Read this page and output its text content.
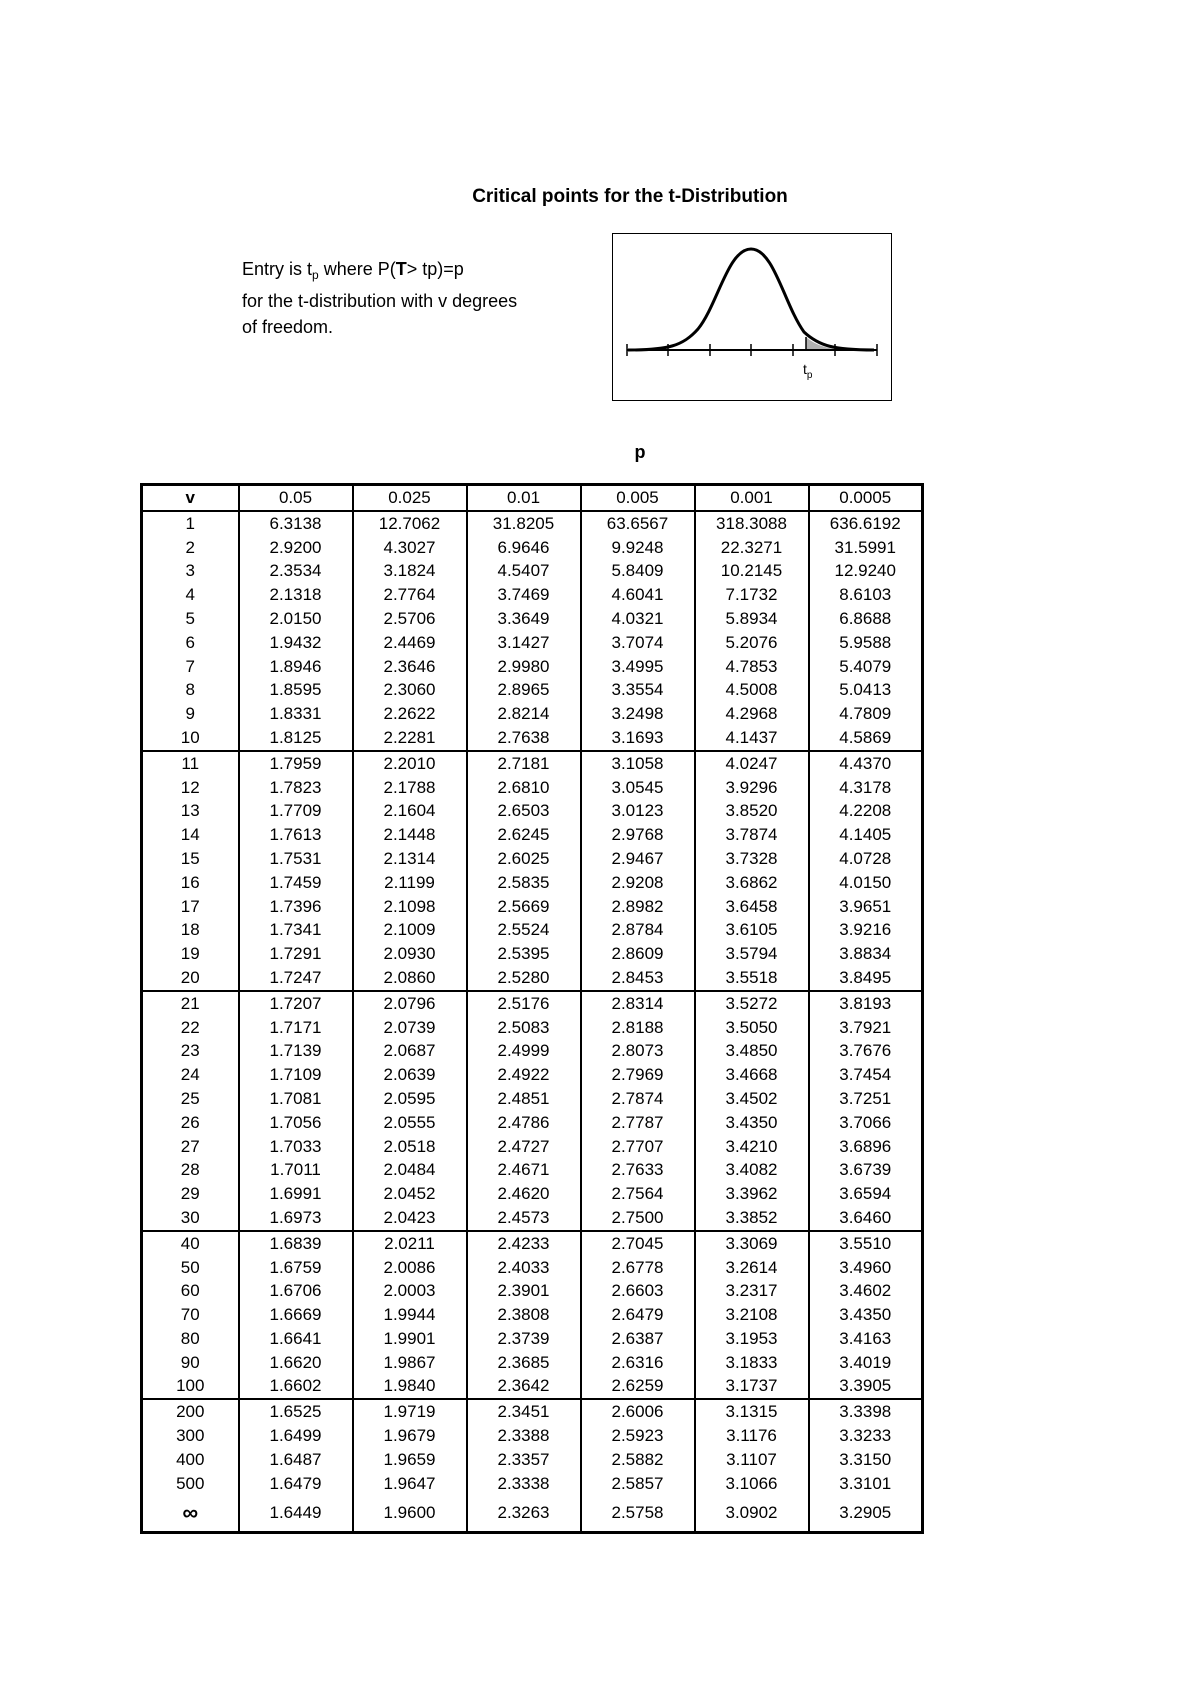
Critical points for the t-Distribution
Entry is $t_p$ where P(T> tp)=p
for the t-distribution with v degrees
of freedom.
$t_p$
p
v	0.05	0.025	0.01	0.005	0.001	0.0005
1	6.3138	12.7062	31.8205	63.6567	318.3088	636.6192
2	2.9200	4.3027	6.9646	9.9248	22.3271	31.5991
3	2.3534	3.1824	4.5407	5.8409	10.2145	12.9240
4	2.1318	2.7764	3.7469	4.6041	7.1732	8.6103
5	2.0150	2.5706	3.3649	4.0321	5.8934	6.8688
6	1.9432	2.4469	3.1427	3.7074	5.2076	5.9588
7	1.8946	2.3646	2.9980	3.4995	4.7853	5.4079
8	1.8595	2.3060	2.8965	3.3554	4.5008	5.0413
9	1.8331	2.2622	2.8214	3.2498	4.2968	4.7809
10	1.8125	2.2281	2.7638	3.1693	4.1437	4.5869
11	1.7959	2.2010	2.7181	3.1058	4.0247	4.4370
12	1.7823	2.1788	2.6810	3.0545	3.9296	4.3178
13	1.7709	2.1604	2.6503	3.0123	3.8520	4.2208
14	1.7613	2.1448	2.6245	2.9768	3.7874	4.1405
15	1.7531	2.1314	2.6025	2.9467	3.7328	4.0728
16	1.7459	2.1199	2.5835	2.9208	3.6862	4.0150
17	1.7396	2.1098	2.5669	2.8982	3.6458	3.9651
18	1.7341	2.1009	2.5524	2.8784	3.6105	3.9216
19	1.7291	2.0930	2.5395	2.8609	3.5794	3.8834
20	1.7247	2.0860	2.5280	2.8453	3.5518	3.8495
21	1.7207	2.0796	2.5176	2.8314	3.5272	3.8193
22	1.7171	2.0739	2.5083	2.8188	3.5050	3.7921
23	1.7139	2.0687	2.4999	2.8073	3.4850	3.7676
24	1.7109	2.0639	2.4922	2.7969	3.4668	3.7454
25	1.7081	2.0595	2.4851	2.7874	3.4502	3.7251
26	1.7056	2.0555	2.4786	2.7787	3.4350	3.7066
27	1.7033	2.0518	2.4727	2.7707	3.4210	3.6896
28	1.7011	2.0484	2.4671	2.7633	3.4082	3.6739
29	1.6991	2.0452	2.4620	2.7564	3.3962	3.6594
30	1.6973	2.0423	2.4573	2.7500	3.3852	3.6460
40	1.6839	2.0211	2.4233	2.7045	3.3069	3.5510
50	1.6759	2.0086	2.4033	2.6778	3.2614	3.4960
60	1.6706	2.0003	2.3901	2.6603	3.2317	3.4602
70	1.6669	1.9944	2.3808	2.6479	3.2108	3.4350
80	1.6641	1.9901	2.3739	2.6387	3.1953	3.4163
90	1.6620	1.9867	2.3685	2.6316	3.1833	3.4019
100	1.6602	1.9840	2.3642	2.6259	3.1737	3.3905
200	1.6525	1.9719	2.3451	2.6006	3.1315	3.3398
300	1.6499	1.9679	2.3388	2.5923	3.1176	3.3233
400	1.6487	1.9659	2.3357	2.5882	3.1107	3.3150
500	1.6479	1.9647	2.3338	2.5857	3.1066	3.3101
∞	1.6449	1.9600	2.3263	2.5758	3.0902	3.2905
